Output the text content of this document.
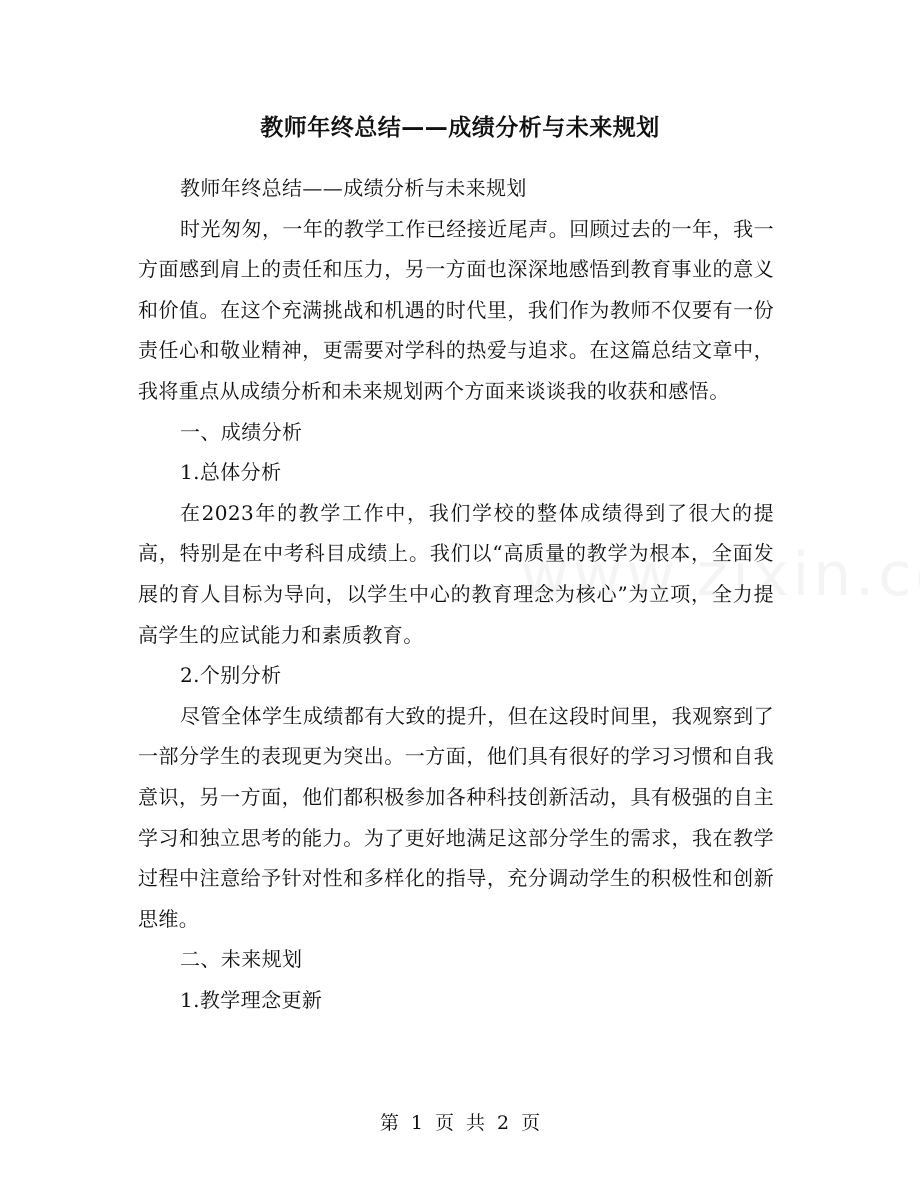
教师年终总结——成绩分析与未来规划

教师年终总结——成绩分析与未来规划

时光匆匆，一年的教学工作已经接近尾声。回顾过去的一年，我一方面感到肩上的责任和压力，另一方面也深深地感悟到教育事业的意义和价值。在这个充满挑战和机遇的时代里，我们作为教师不仅要有一份责任心和敬业精神，更需要对学科的热爱与追求。在这篇总结文章中，我将重点从成绩分析和未来规划两个方面来谈谈我的收获和感悟。

一、成绩分析

1.总体分析

在2023年的教学工作中，我们学校的整体成绩得到了很大的提高，特别是在中考科目成绩上。我们以“高质量的教学为根本，全面发展的育人目标为导向，以学生中心的教育理念为核心”为立项，全力提高学生的应试能力和素质教育。

2.个别分析

尽管全体学生成绩都有大致的提升，但在这段时间里，我观察到了一部分学生的表现更为突出。一方面，他们具有很好的学习习惯和自我意识，另一方面，他们都积极参加各种科技创新活动，具有极强的自主学习和独立思考的能力。为了更好地满足这部分学生的需求，我在教学过程中注意给予针对性和多样化的指导，充分调动学生的积极性和创新思维。

二、未来规划

1.教学理念更新

第 1 页 共 2 页
